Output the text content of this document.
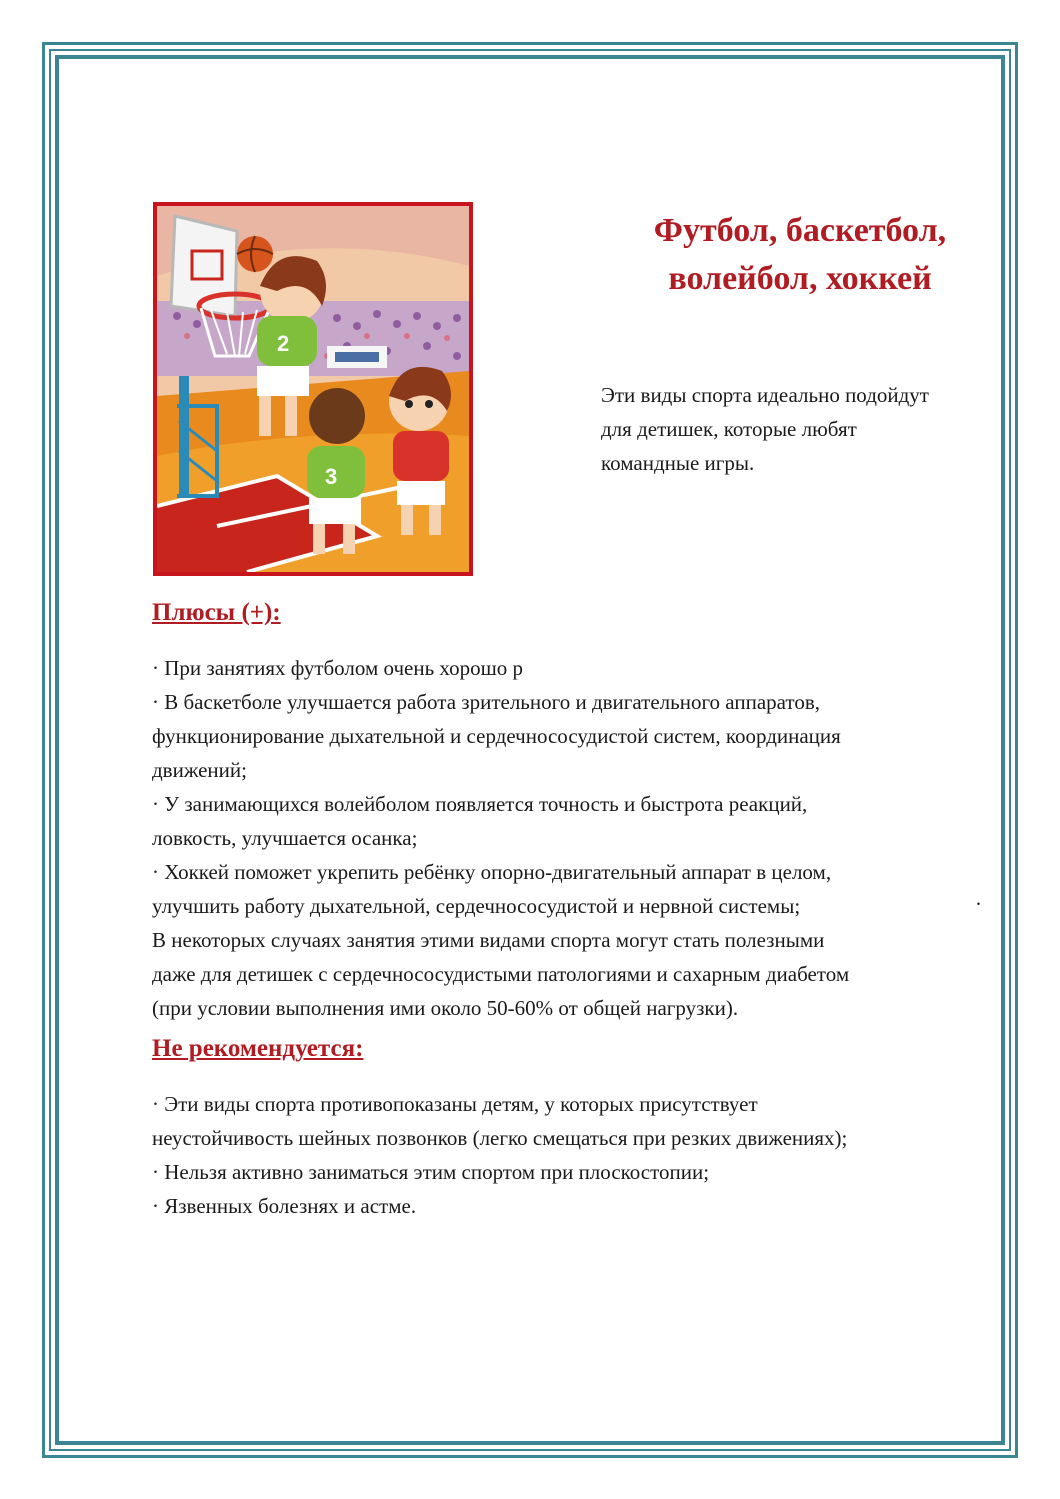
2
3
Футбол, баскетбол,
волейбол, хоккей
Эти виды спорта идеально подойдут
для детишек, которые любят
командные игры.
Плюсы (+):
· При занятиях футболом очень хорошо р
· В баскетболе улучшается работа зрительного и двигательного аппаратов,
функционирование дыхательной и сердечнососудистой систем, координация
движений;
· У занимающихся волейболом появляется точность и быстрота реакций,
ловкость, улучшается осанка;
· Хоккей поможет укрепить ребёнку опорно-двигательный аппарат в целом,
улучшить работу дыхательной, сердечнососудистой и нервной системы;
В некоторых случаях занятия этими видами спорта могут стать полезными
даже для детишек с сердечнососудистыми патологиями и сахарным диабетом
(при условии выполнения ими около 50-60% от общей нагрузки).
·
Не рекомендуется:
· Эти виды спорта противопоказаны детям, у которых присутствует
неустойчивость шейных позвонков (легко смещаться при резких движениях);
· Нельзя активно заниматься этим спортом при плоскостопии;
· Язвенных болезнях и астме.
